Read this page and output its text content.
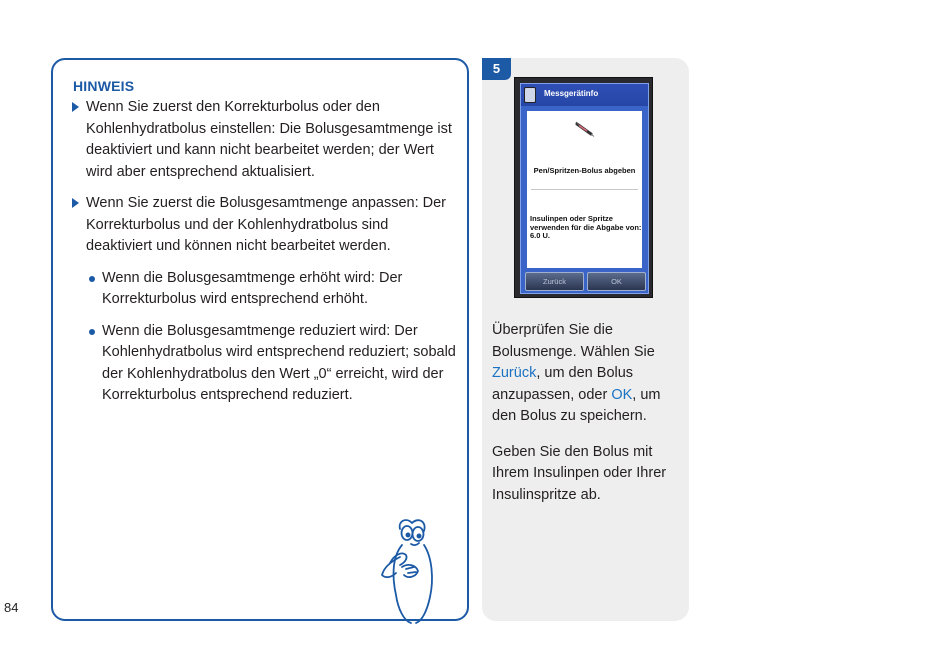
HINWEIS
Wenn Sie zuerst den Korrekturbolus oder den Kohlenhydratbolus einstellen: Die Bolusgesamtmenge ist deaktiviert und kann nicht bearbeitet werden; der Wert wird aber entsprechend aktualisiert.
Wenn Sie zuerst die Bolusgesamtmenge anpassen: Der Korrekturbolus und der Kohlenhydratbolus sind deaktiviert und können nicht bearbeitet werden.
Wenn die Bolusgesamtmenge erhöht wird: Der Korrekturbolus wird entsprechend erhöht.
Wenn die Bolusgesamtmenge reduziert wird: Der Kohlenhydratbolus wird entsprechend reduziert; sobald der Kohlenhydratbolus den Wert „0“ erreicht, wird der Korrekturbolus entsprechend reduziert.
84
5
Messgerätinfo
Pen/Spritzen-Bolus abgeben
Insulinpen oder Spritze verwenden für die Abgabe von: 6.0 U.
Zurück	OK

Überprüfen Sie die Bolusmenge. Wählen Sie Zurück, um den Bolus anzupassen, oder OK, um den Bolus zu speichern.

Geben Sie den Bolus mit Ihrem Insulinpen oder Ihrer Insulinspritze ab.
